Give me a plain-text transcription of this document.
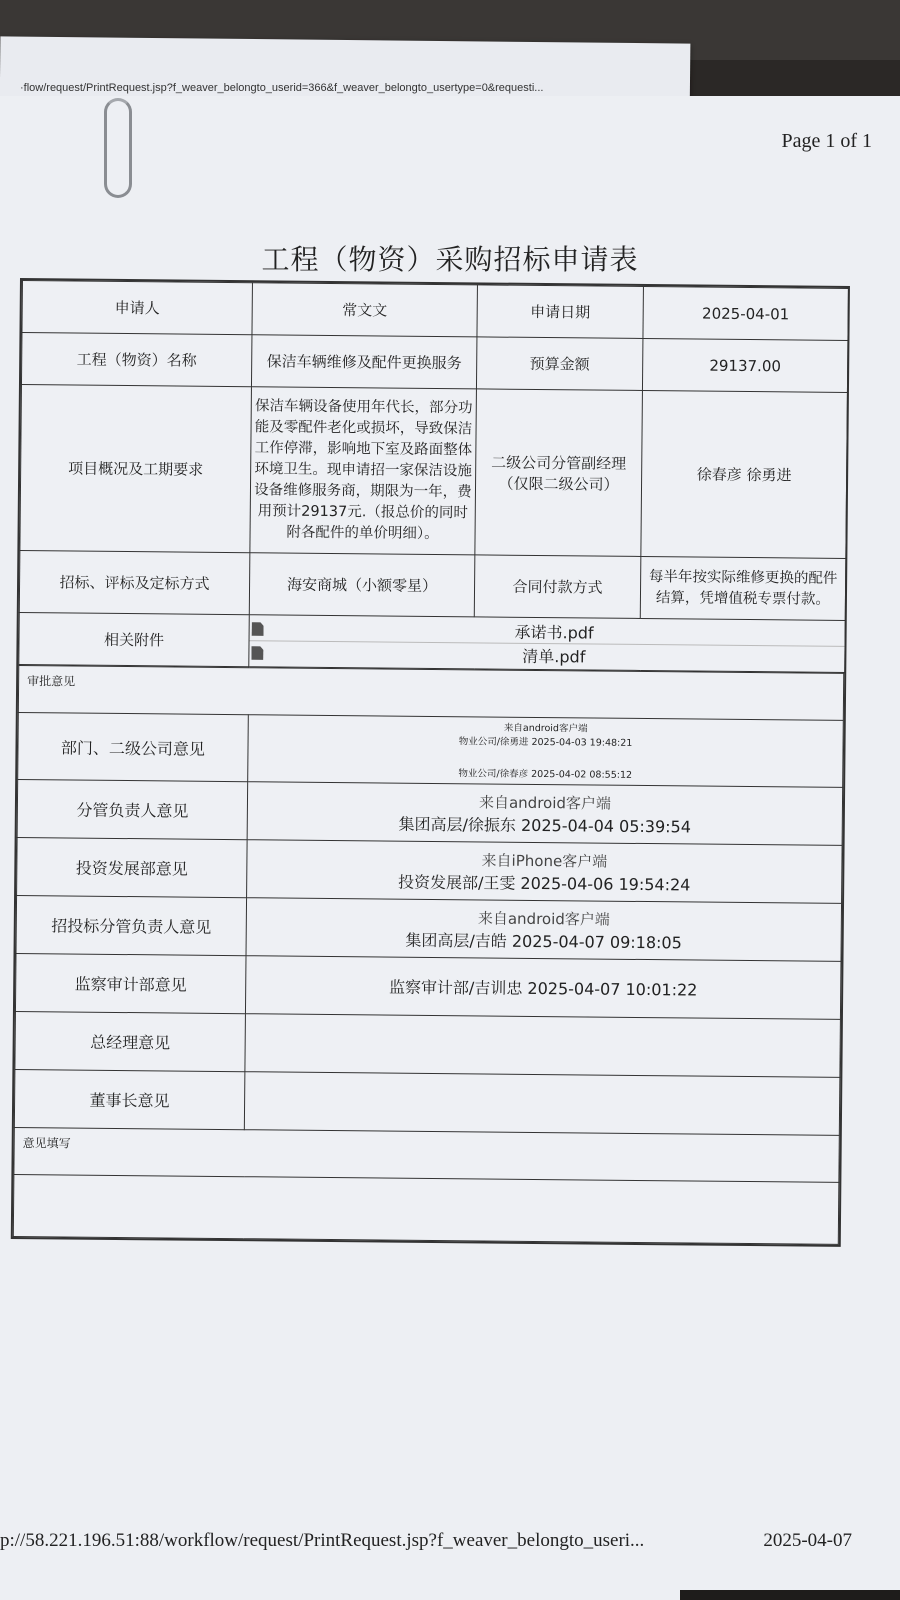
·flow/request/PrintRequest.jsp?f_weaver_belongto_userid=366&f_weaver_belongto_usertype=0&requesti...
Page 1 of 1
工程（物资）采购招标申请表
申请人	常文文	申请日期	2025-04-01
工程（物资）名称	保洁车辆维修及配件更换服务	预算金额	29137.00
项目概况及工期要求	保洁车辆设备使用年代长，部分功能及零配件老化或损坏，导致保洁工作停滞，影响地下室及路面整体环境卫生。现申请招一家保洁设施设备维修服务商，期限为一年，费用预计29137元.（报总价的同时附各配件的单价明细）。	二级公司分管副经理（仅限二级公司）	徐春彦 徐勇进
招标、评标及定标方式	海安商城（小额零星）	合同付款方式	每半年按实际维修更换的配件结算，凭增值税专票付款。
相关附件	承诺书.pdf
清单.pdf		
审批意见	
部门、二级公司意见	来自android客户端
物业公司/徐勇进 2025-04-03 19:48:21
物业公司/徐春彦 2025-04-02 08:55:12

分管负责人意见	来自android客户端
集团高层/徐振东 2025-04-04 05:39:54

投资发展部意见	来自iPhone客户端
投资发展部/王雯 2025-04-06 19:54:24

招投标分管负责人意见	来自android客户端
集团高层/吉皓 2025-04-07 09:18:05

监察审计部意见	监察审计部/吉训忠 2025-04-07 10:01:22

总经理意见	
董事长意见	
意见填写	

p://58.221.196.51:88/workflow/request/PrintRequest.jsp?f_weaver_belongto_useri...	2025-04-07
